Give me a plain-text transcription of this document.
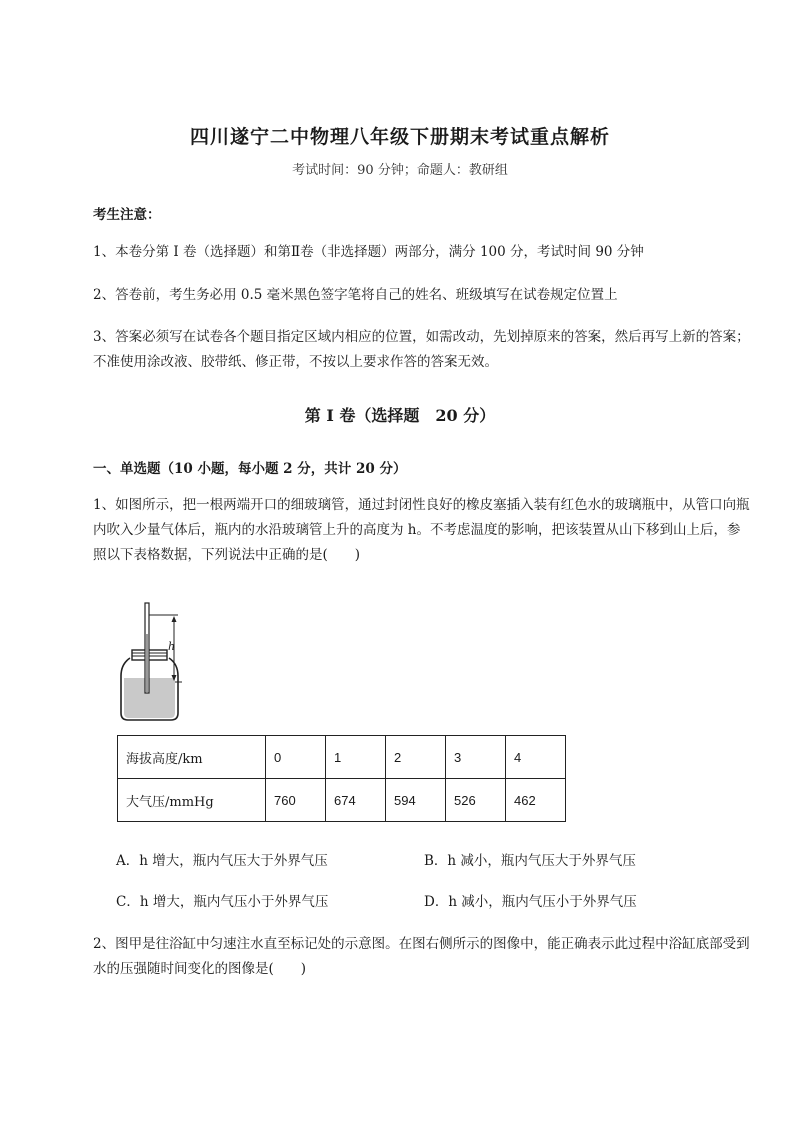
四川遂宁二中物理八年级下册期末考试重点解析
考试时间：90 分钟；命题人：教研组
考生注意：
1、本卷分第 I 卷（选择题）和第Ⅱ卷（非选择题）两部分，满分 100 分，考试时间 90 分钟
2、答卷前，考生务必用 0.5 毫米黑色签字笔将自己的姓名、班级填写在试卷规定位置上
3、答案必须写在试卷各个题目指定区域内相应的位置，如需改动，先划掉原来的答案，然后再写上新的答案；不准使用涂改液、胶带纸、修正带，不按以上要求作答的答案无效。
第 I 卷（选择题　20 分）
一、单选题（10 小题，每小题 2 分，共计 20 分）
1、如图所示，把一根两端开口的细玻璃管，通过封闭性良好的橡皮塞插入装有红色水的玻璃瓶中，从管口向瓶内吹入少量气体后，瓶内的水沿玻璃管上升的高度为 h。不考虑温度的影响，把该装置从山下移到山上后，参照以下表格数据，下列说法中正确的是(　　)
h
海拔高度/km	0	1	2	3	4
大气压/mmHg	760	674	594	526	462
A．h 增大，瓶内气压大于外界气压	B．h 减小，瓶内气压大于外界气压
C．h 增大，瓶内气压小于外界气压	D．h 减小，瓶内气压小于外界气压
2、图甲是往浴缸中匀速注水直至标记处的示意图。在图右侧所示的图像中，能正确表示此过程中浴缸底部受到水的压强随时间变化的图像是(　　)
